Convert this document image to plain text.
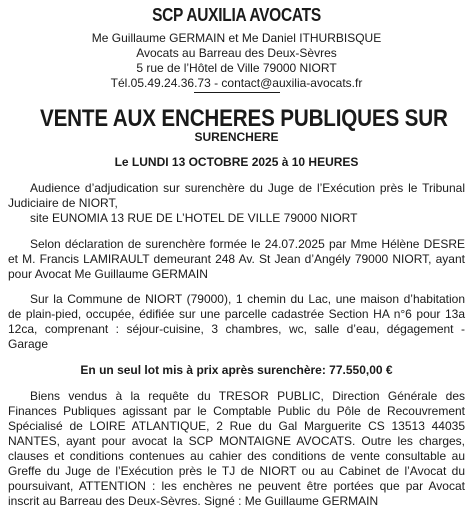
SCP AUXILIA AVOCATS
Me Guillaume GERMAIN et Me Daniel ITHURBISQUE
Avocats au Barreau des Deux-Sèvres
5 rue de l’Hôtel de Ville 79000 NIORT
Tél.05.49.24.36.73 - contact@auxilia-avocats.fr
VENTE AUX ENCHERES PUBLIQUES SUR
SURENCHERE
Le LUNDI 13 OCTOBRE 2025 à 10 HEURES

Audience d’adjudication sur surenchère du Juge de l’Exécution près le Tribunal Judiciaire de NIORT,

site EUNOMIA 13 RUE DE L’HOTEL DE VILLE 79000 NIORT

Selon déclaration de surenchère formée le 24.07.2025 par Mme Hélène DESRE et M. Francis LAMIRAULT demeurant 248 Av. St Jean d’Angély 79000 NIORT, ayant pour Avocat Me Guillaume GERMAIN

Sur la Commune de NIORT (79000), 1 chemin du Lac, une maison d’habitation de plain-pied, occupée, édifiée sur une parcelle cadastrée Section HA n°6 pour 13a 12ca, comprenant : séjour-cuisine, 3 chambres, wc, salle d’eau, dégagement - Garage

En un seul lot mis à prix après surenchère: 77.550,00 €

Biens vendus à la requête du TRESOR PUBLIC, Direction Générale des Finances Publiques agissant par le Comptable Public du Pôle de Recouvrement Spécialisé de LOIRE ATLANTIQUE, 2 Rue du Gal Marguerite CS 13513 44035 NANTES, ayant pour avocat la SCP MONTAIGNE AVOCATS. Outre les charges, clauses et conditions contenues au cahier des conditions de vente consultable au Greffe du Juge de l’Exécution près le TJ de NIORT ou au Cabinet de l’Avocat du poursuivant, ATTENTION : les enchères ne peuvent être portées que par Avocat inscrit au Barreau des Deux-Sèvres. Signé : Me Guillaume GERMAIN
